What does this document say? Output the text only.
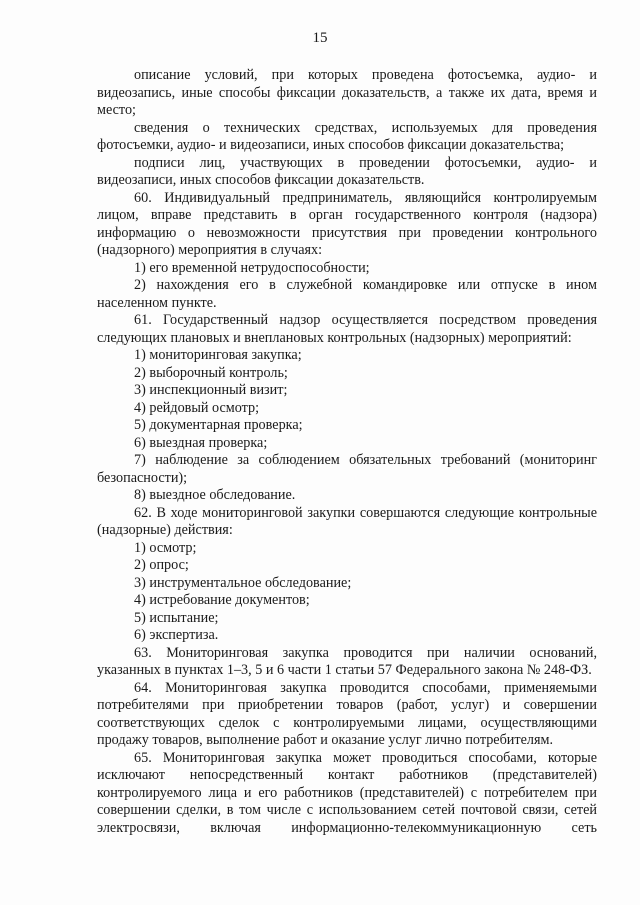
15

описание условий, при которых проведена фотосъемка, аудио- и видеозапись, иные способы фиксации доказательств, а также их дата, время и место;

сведения о технических средствах, используемых для проведения фотосъемки, аудио- и видеозаписи, иных способов фиксации доказательства;

подписи лиц, участвующих в проведении фотосъемки, аудио- и видеозаписи, иных способов фиксации доказательств.

60. Индивидуальный предприниматель, являющийся контролируемым лицом, вправе представить в орган государственного контроля (надзора) информацию о невозможности присутствия при проведении контрольного (надзорного) мероприятия в случаях:

1) его временной нетрудоспособности;

2) нахождения его в служебной командировке или отпуске в ином населенном пункте.

61. Государственный надзор осуществляется посредством проведения следующих плановых и внеплановых контрольных (надзорных) мероприятий:

1) мониторинговая закупка;

2) выборочный контроль;

3) инспекционный визит;

4) рейдовый осмотр;

5) документарная проверка;

6) выездная проверка;

7) наблюдение за соблюдением обязательных требований (мониторинг безопасности);

8) выездное обследование.

62. В ходе мониторинговой закупки совершаются следующие контрольные (надзорные) действия:

1) осмотр;

2) опрос;

3) инструментальное обследование;

4) истребование документов;

5) испытание;

6) экспертиза.

63. Мониторинговая закупка проводится при наличии оснований, указанных в пунктах 1–3, 5 и 6 части 1 статьи 57 Федерального закона № 248-ФЗ.

64. Мониторинговая закупка проводится способами, применяемыми потребителями при приобретении товаров (работ, услуг) и совершении соответствующих сделок с контролируемыми лицами, осуществляющими продажу товаров, выполнение работ и оказание услуг лично потребителям.

65. Мониторинговая закупка может проводиться способами, которые исключают непосредственный контакт работников (представителей) контролируемого лица и его работников (представителей) с потребителем при совершении сделки, в том числе с использованием сетей почтовой связи, сетей электросвязи, включая информационно-телекоммуникационную сеть
